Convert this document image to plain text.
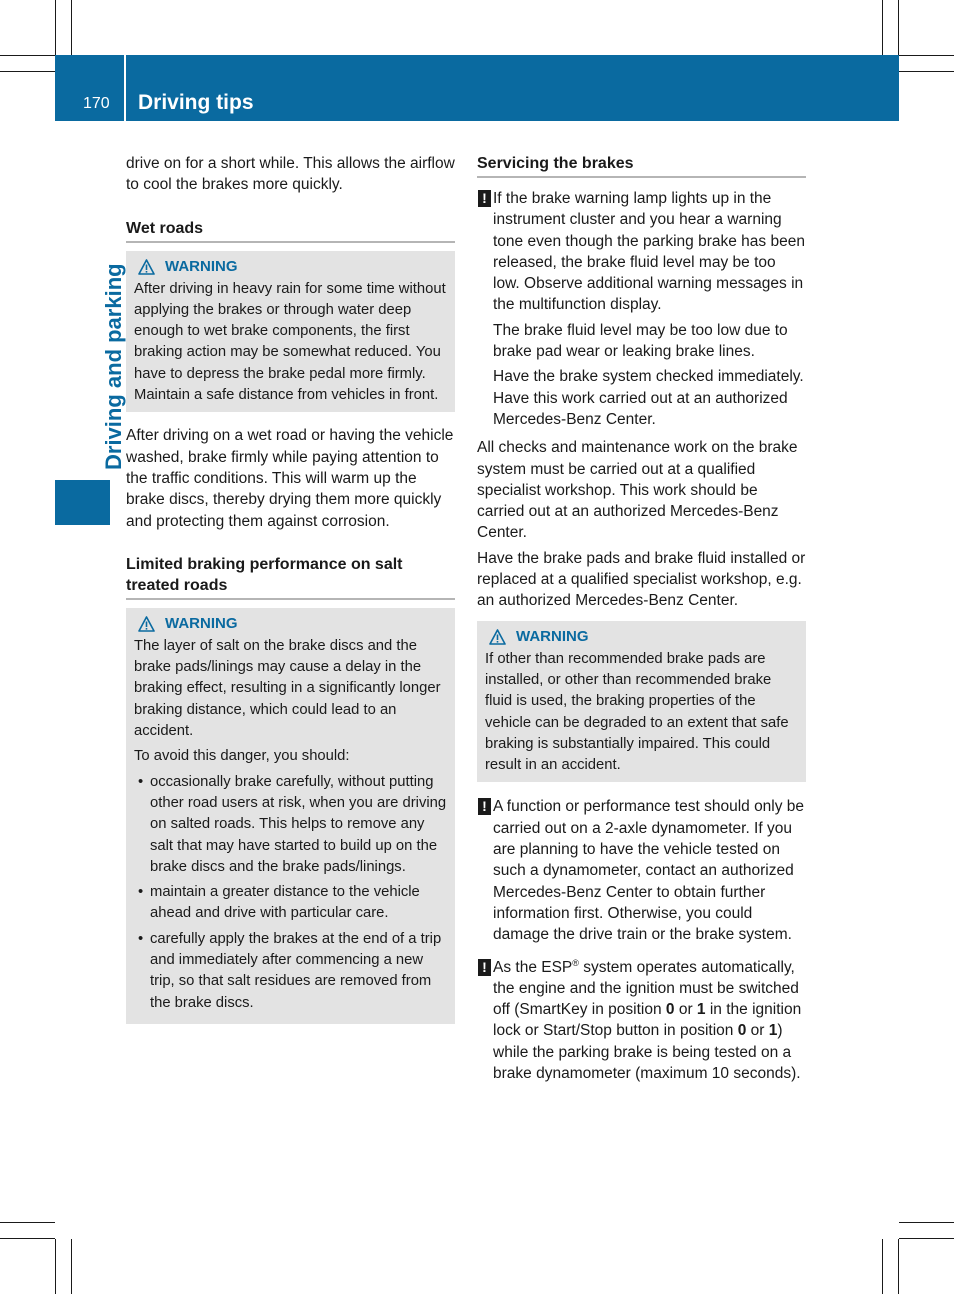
170 Driving tips
Driving and parking

drive on for a short while. This allows the airflow to cool the brakes more quickly.

Wet roads
WARNING

After driving in heavy rain for some time without applying the brakes or through water deep enough to wet brake components, the first braking action may be somewhat reduced. You have to depress the brake pedal more firmly. Maintain a safe distance from vehicles in front.

After driving on a wet road or having the vehicle washed, brake firmly while paying attention to the traffic conditions. This will warm up the brake discs, thereby drying them more quickly and protecting them against corrosion.

Limited braking performance on salt treated roads
WARNING

The layer of salt on the brake discs and the brake pads/linings may cause a delay in the braking effect, resulting in a significantly longer braking distance, which could lead to an accident.

To avoid this danger, you should:

• occasionally brake carefully, without putting other road users at risk, when you are driving on salted roads. This helps to remove any salt that may have started to build up on the brake discs and the brake pads/linings.
• maintain a greater distance to the vehicle ahead and drive with particular care.
• carefully apply the brakes at the end of a trip and immediately after commencing a new trip, so that salt residues are removed from the brake discs.
Servicing the brakes
! If the brake warning lamp lights up in the instrument cluster and you hear a warning tone even though the parking brake has been released, the brake fluid level may be too low. Observe additional warning messages in the multifunction display.

The brake fluid level may be too low due to brake pad wear or leaking brake lines.

Have the brake system checked immediately. Have this work carried out at an authorized Mercedes-Benz Center.

All checks and maintenance work on the brake system must be carried out at a qualified specialist workshop. This work should be carried out at an authorized Mercedes-Benz Center.

Have the brake pads and brake fluid installed or replaced at a qualified specialist workshop, e.g. an authorized Mercedes-Benz Center.

WARNING

If other than recommended brake pads are installed, or other than recommended brake fluid is used, the braking properties of the vehicle can be degraded to an extent that safe braking is substantially impaired. This could result in an accident.

! A function or performance test should only be carried out on a 2-axle dynamometer. If you are planning to have the vehicle tested on such a dynamometer, contact an authorized Mercedes-Benz Center to obtain further information first. Otherwise, you could damage the drive train or the brake system.

! As the ESP® system operates automatically, the engine and the ignition must be switched off (SmartKey in position 0 or 1 in the ignition lock or Start/Stop button in position 0 or 1) while the parking brake is being tested on a brake dynamometer (maximum 10 seconds).
